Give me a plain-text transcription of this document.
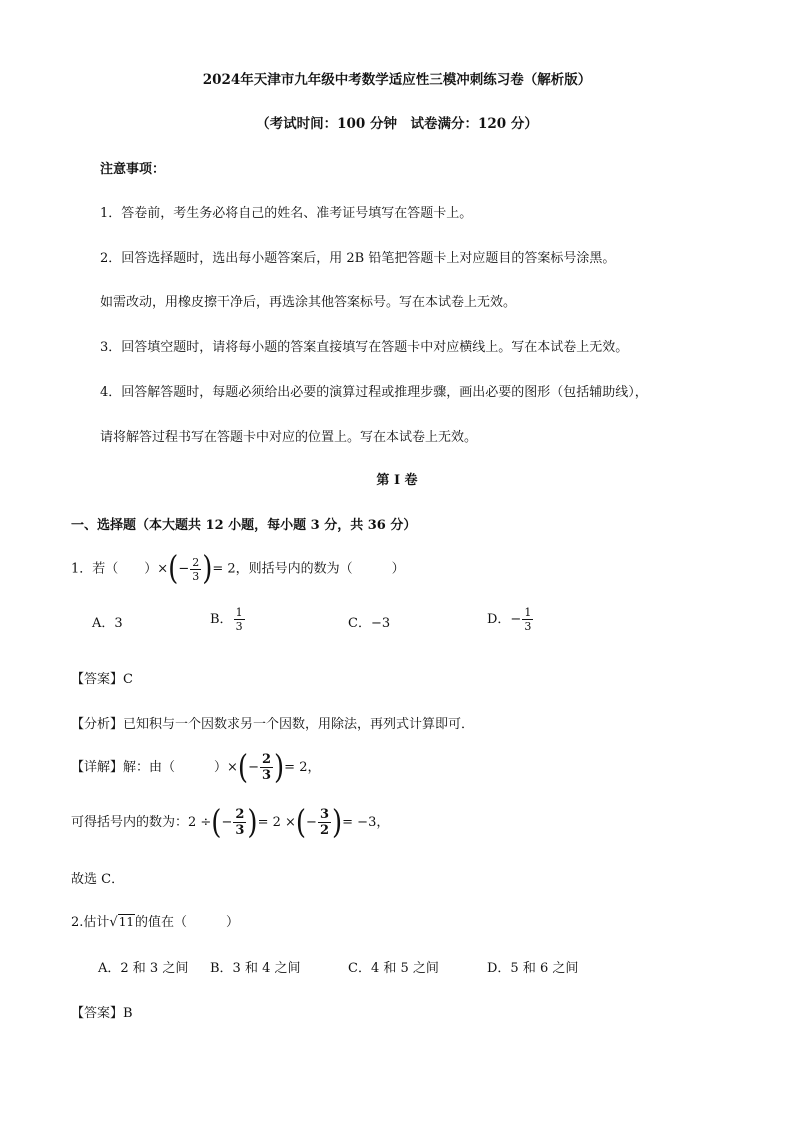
2024年天津市九年级中考数学适应性三模冲刺练习卷（解析版）
（考试时间：100 分钟　试卷满分：120 分）
注意事项：
1．答卷前，考生务必将自己的姓名、准考证号填写在答题卡上。
2．回答选择题时，选出每小题答案后，用 2B 铅笔把答题卡上对应题目的答案标号涂黑。
如需改动，用橡皮擦干净后，再选涂其他答案标号。写在本试卷上无效。
3．回答填空题时，请将每小题的答案直接填写在答题卡中对应横线上。写在本试卷上无效。
4．回答解答题时，每题必须给出必要的演算过程或推理步骤，画出必要的图形（包括辅助线），
请将解答过程书写在答题卡中对应的位置上。写在本试卷上无效。
第 I 卷
一、选择题（本大题共 12 小题，每小题 3 分，共 36 分）
1．若（　　）×(− $\frac{2}{3}$ )= 2，则括号内的数为（　　　）
A．3	B． $\frac{1}{3}$	C．−3	D．− $\frac{1}{3}$
【答案】C
【分析】已知积与一个因数求另一个因数，用除法，再列式计算即可．
【详解】解：由（　　　）×(− $\frac{2}{3}$ )= 2，
可得括号内的数为：2 ÷(− $\frac{2}{3}$ )= 2 ×(− $\frac{3}{2}$ )= −3，
故选 C．
2.估计√11的值在（　　　）
A．2 和 3 之间 B．3 和 4 之间	C．4 和 5 之间	D．5 和 6 之间
【答案】B
